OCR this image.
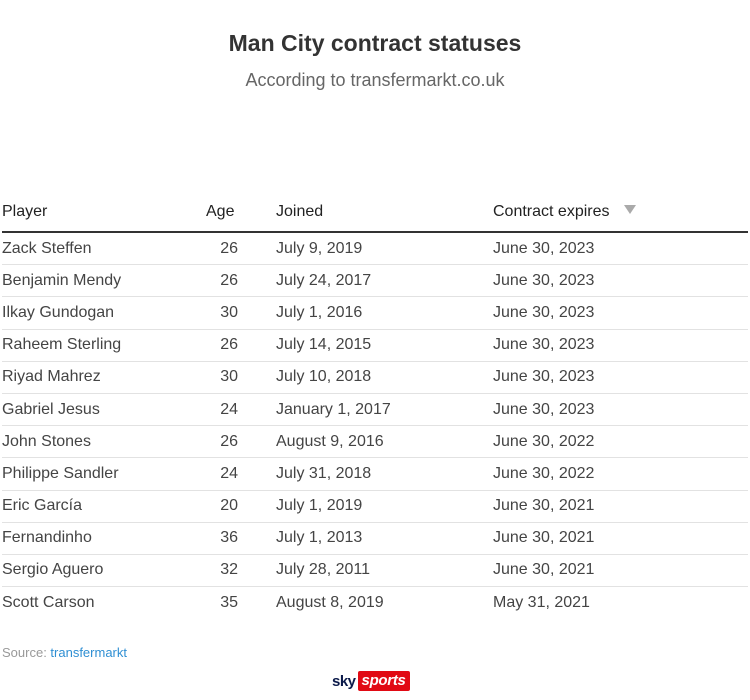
Man City contract statuses
According to transfermarkt.co.uk
Player	Age	Joined	Contract expires
Zack Steffen	26	July 9, 2019	June 30, 2023
Benjamin Mendy	26	July 24, 2017	June 30, 2023
Ilkay Gundogan	30	July 1, 2016	June 30, 2023
Raheem Sterling	26	July 14, 2015	June 30, 2023
Riyad Mahrez	30	July 10, 2018	June 30, 2023
Gabriel Jesus	24	January 1, 2017	June 30, 2023
John Stones	26	August 9, 2016	June 30, 2022
Philippe Sandler	24	July 31, 2018	June 30, 2022
Eric García	20	July 1, 2019	June 30, 2021
Fernandinho	36	July 1, 2013	June 30, 2021
Sergio Aguero	32	July 28, 2011	June 30, 2021
Scott Carson	35	August 8, 2019	May 31, 2021
Source: transfermarkt
sky sports
